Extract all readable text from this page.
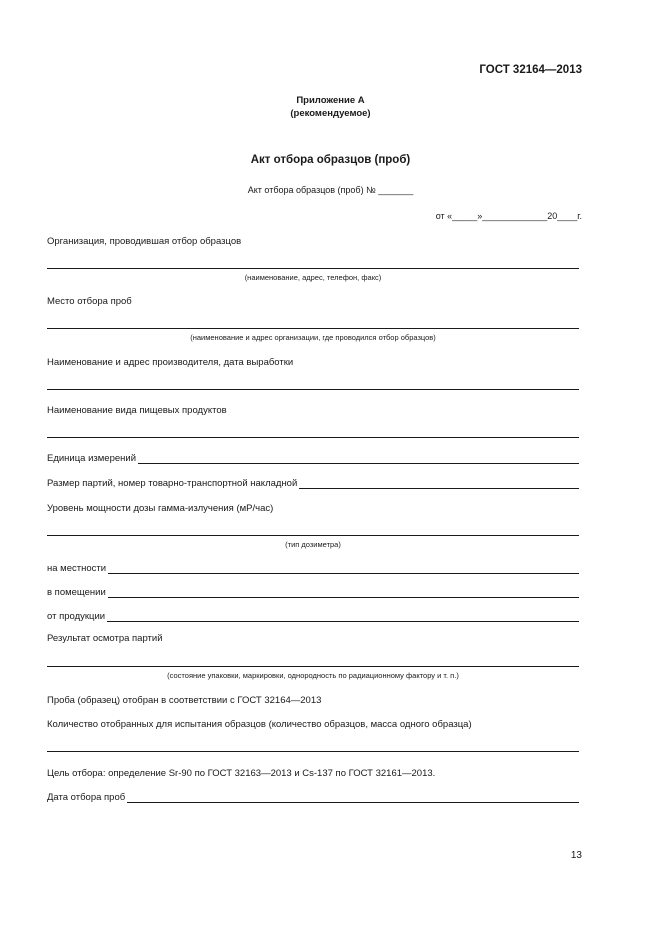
ГОСТ 32164—2013
Приложение А
(рекомендуемое)
Акт отбора образцов (проб)
Акт отбора образцов (проб) № _______
от «_____»_____________20____г.
Организация, проводившая отбор образцов
(наименование, адрес, телефон, факс)
Место отбора проб
(наименование и адрес организации, где проводился отбор образцов)
Наименование и адрес производителя, дата выработки
Наименование вида пищевых продуктов
Единица измерений
Размер партий, номер товарно-транспортной накладной
Уровень мощности дозы гамма-излучения (мР/час)
(тип дозиметра)
на местности
в помещении
от продукции
Результат осмотра партий
(состояние упаковки, маркировки, однородность по радиационному фактору и т. п.)
Проба (образец) отобран в соответствии с ГОСТ 32164—2013
Количество отобранных для испытания образцов (количество образцов, масса одного образца)
Цель отбора: определение Sr-90 по ГОСТ 32163—2013 и Cs-137 по ГОСТ 32161—2013.
Дата отбора проб
13
